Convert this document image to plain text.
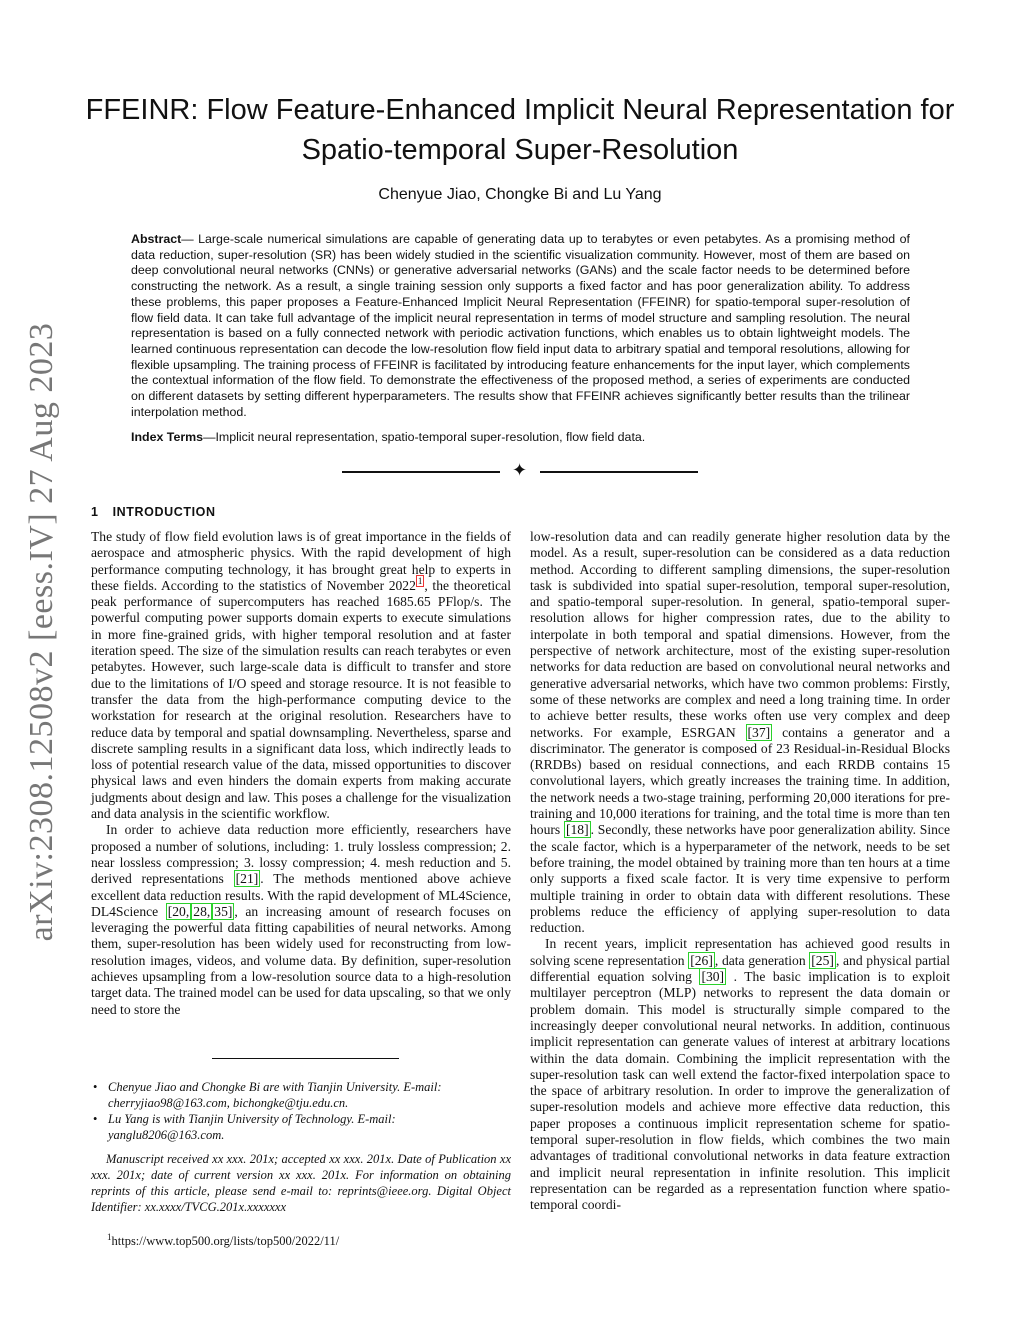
arXiv:2308.12508v2 [eess.IV] 27 Aug 2023
FFEINR: Flow Feature-Enhanced Implicit Neural Representation for Spatio-temporal Super-Resolution
Chenyue Jiao, Chongke Bi and Lu Yang

Abstract— Large-scale numerical simulations are capable of generating data up to terabytes or even petabytes. As a promising method of data reduction, super-resolution (SR) has been widely studied in the scientific visualization community. However, most of them are based on deep convolutional neural networks (CNNs) or generative adversarial networks (GANs) and the scale factor needs to be determined before constructing the network. As a result, a single training session only supports a fixed factor and has poor generalization ability. To address these problems, this paper proposes a Feature-Enhanced Implicit Neural Representation (FFEINR) for spatio-temporal super-resolution of flow field data. It can take full advantage of the implicit neural representation in terms of model structure and sampling resolution. The neural representation is based on a fully connected network with periodic activation functions, which enables us to obtain lightweight models. The learned continuous representation can decode the low-resolution flow field input data to arbitrary spatial and temporal resolutions, allowing for flexible upsampling. The training process of FFEINR is facilitated by introducing feature enhancements for the input layer, which complements the contextual information of the flow field. To demonstrate the effectiveness of the proposed method, a series of experiments are conducted on different datasets by setting different hyperparameters. The results show that FFEINR achieves significantly better results than the trilinear interpolation method.

Index Terms—Implicit neural representation, spatio-temporal super-resolution, flow field data.

✦
1 INTRODUCTION

The study of flow field evolution laws is of great importance in the fields of aerospace and atmospheric physics. With the rapid development of high performance computing technology, it has brought great help to experts in these fields. According to the statistics of November 2022 $^1$ , the theoretical peak performance of supercomputers has reached 1685.65 PFlop/s. The powerful computing power supports domain experts to execute simulations in more fine-grained grids, with higher temporal resolution and at faster iteration speed. The size of the simulation results can reach terabytes or even petabytes. However, such large-scale data is difficult to transfer and store due to the limitations of I/O speed and storage resource. It is not feasible to transfer the data from the high-performance computing device to the workstation for research at the original resolution. Researchers have to reduce data by temporal and spatial downsampling. Nevertheless, sparse and discrete sampling results in a significant data loss, which indirectly leads to loss of potential research value of the data, missed opportunities to discover physical laws and even hinders the domain experts from making accurate judgments about design and law. This poses a challenge for the visualization and data analysis in the scientific workflow.

In order to achieve data reduction more efficiently, researchers have proposed a number of solutions, including: 1. truly lossless compression; 2. near lossless compression; 3. lossy compression; 4. mesh reduction and 5. derived representations [21] . The methods mentioned above achieve excellent data reduction results. With the rapid development of ML4Science, DL4Science [20, 28, 35] , an increasing amount of research focuses on leveraging the powerful data fitting capabilities of neural networks. Among them, super-resolution has been widely used for reconstructing from low-resolution images, videos, and volume data. By definition, super-resolution achieves upsampling from a low-resolution source data to a high-resolution target data. The trained model can be used for data upscaling, so that we only need to store the

low-resolution data and can readily generate higher resolution data by the model. As a result, super-resolution can be considered as a data reduction method. According to different sampling dimensions, the super-resolution task is subdivided into spatial super-resolution, temporal super-resolution, and spatio-temporal super-resolution. In general, spatio-temporal super-resolution allows for higher compression rates, due to the ability to interpolate in both temporal and spatial dimensions. However, from the perspective of network architecture, most of the existing super-resolution networks for data reduction are based on convolutional neural networks and generative adversarial networks, which have two common problems: Firstly, some of these networks are complex and need a long training time. In order to achieve better results, these works often use very complex and deep networks. For example, ESRGAN [37] contains a generator and a discriminator. The generator is composed of 23 Residual-in-Residual Blocks (RRDBs) based on residual connections, and each RRDB contains 15 convolutional layers, which greatly increases the training time. In addition, the network needs a two-stage training, performing 20,000 iterations for pre-training and 10,000 iterations for training, and the total time is more than ten hours [18] . Secondly, these networks have poor generalization ability. Since the scale factor, which is a hyperparameter of the network, needs to be set before training, the model obtained by training more than ten hours at a time only supports a fixed scale factor. It is very time expensive to perform multiple training in order to obtain data with different resolutions. These problems reduce the efficiency of applying super-resolution to data reduction.

In recent years, implicit representation has achieved good results in solving scene representation [26] , data generation [25] , and physical partial differential equation solving [30] . The basic implication is to exploit multilayer perceptron (MLP) networks to represent the data domain or problem domain. This model is structurally simple compared to the increasingly deeper convolutional neural networks. In addition, continuous implicit representation can generate values of interest at arbitrary locations within the data domain. Combining the implicit representation with the super-resolution task can well extend the factor-fixed interpolation space to the space of arbitrary resolution. In order to improve the generalization of super-resolution models and achieve more effective data reduction, this paper proposes a continuous implicit representation scheme for spatio-temporal super-resolution in flow fields, which combines the two main advantages of traditional convolutional networks in data feature extraction and implicit neural representation in infinite resolution. This implicit representation can be regarded as a representation function where spatio-temporal coordi-

• Chenyue Jiao and Chongke Bi are with Tianjin University. E-mail: cherryjiao98@163.com, bichongke@tju.edu.cn.
• Lu Yang is with Tianjin University of Technology. E-mail: yanglu8206@163.com.
Manuscript received xx xxx. 201x; accepted xx xxx. 201x. Date of Publication xx xxx. 201x; date of current version xx xxx. 201x. For information on obtaining reprints of this article, please send e-mail to: reprints@ieee.org. Digital Object Identifier: xx.xxxx/TVCG.201x.xxxxxxx
$^1$https://www.top500.org/lists/top500/2022/11/
